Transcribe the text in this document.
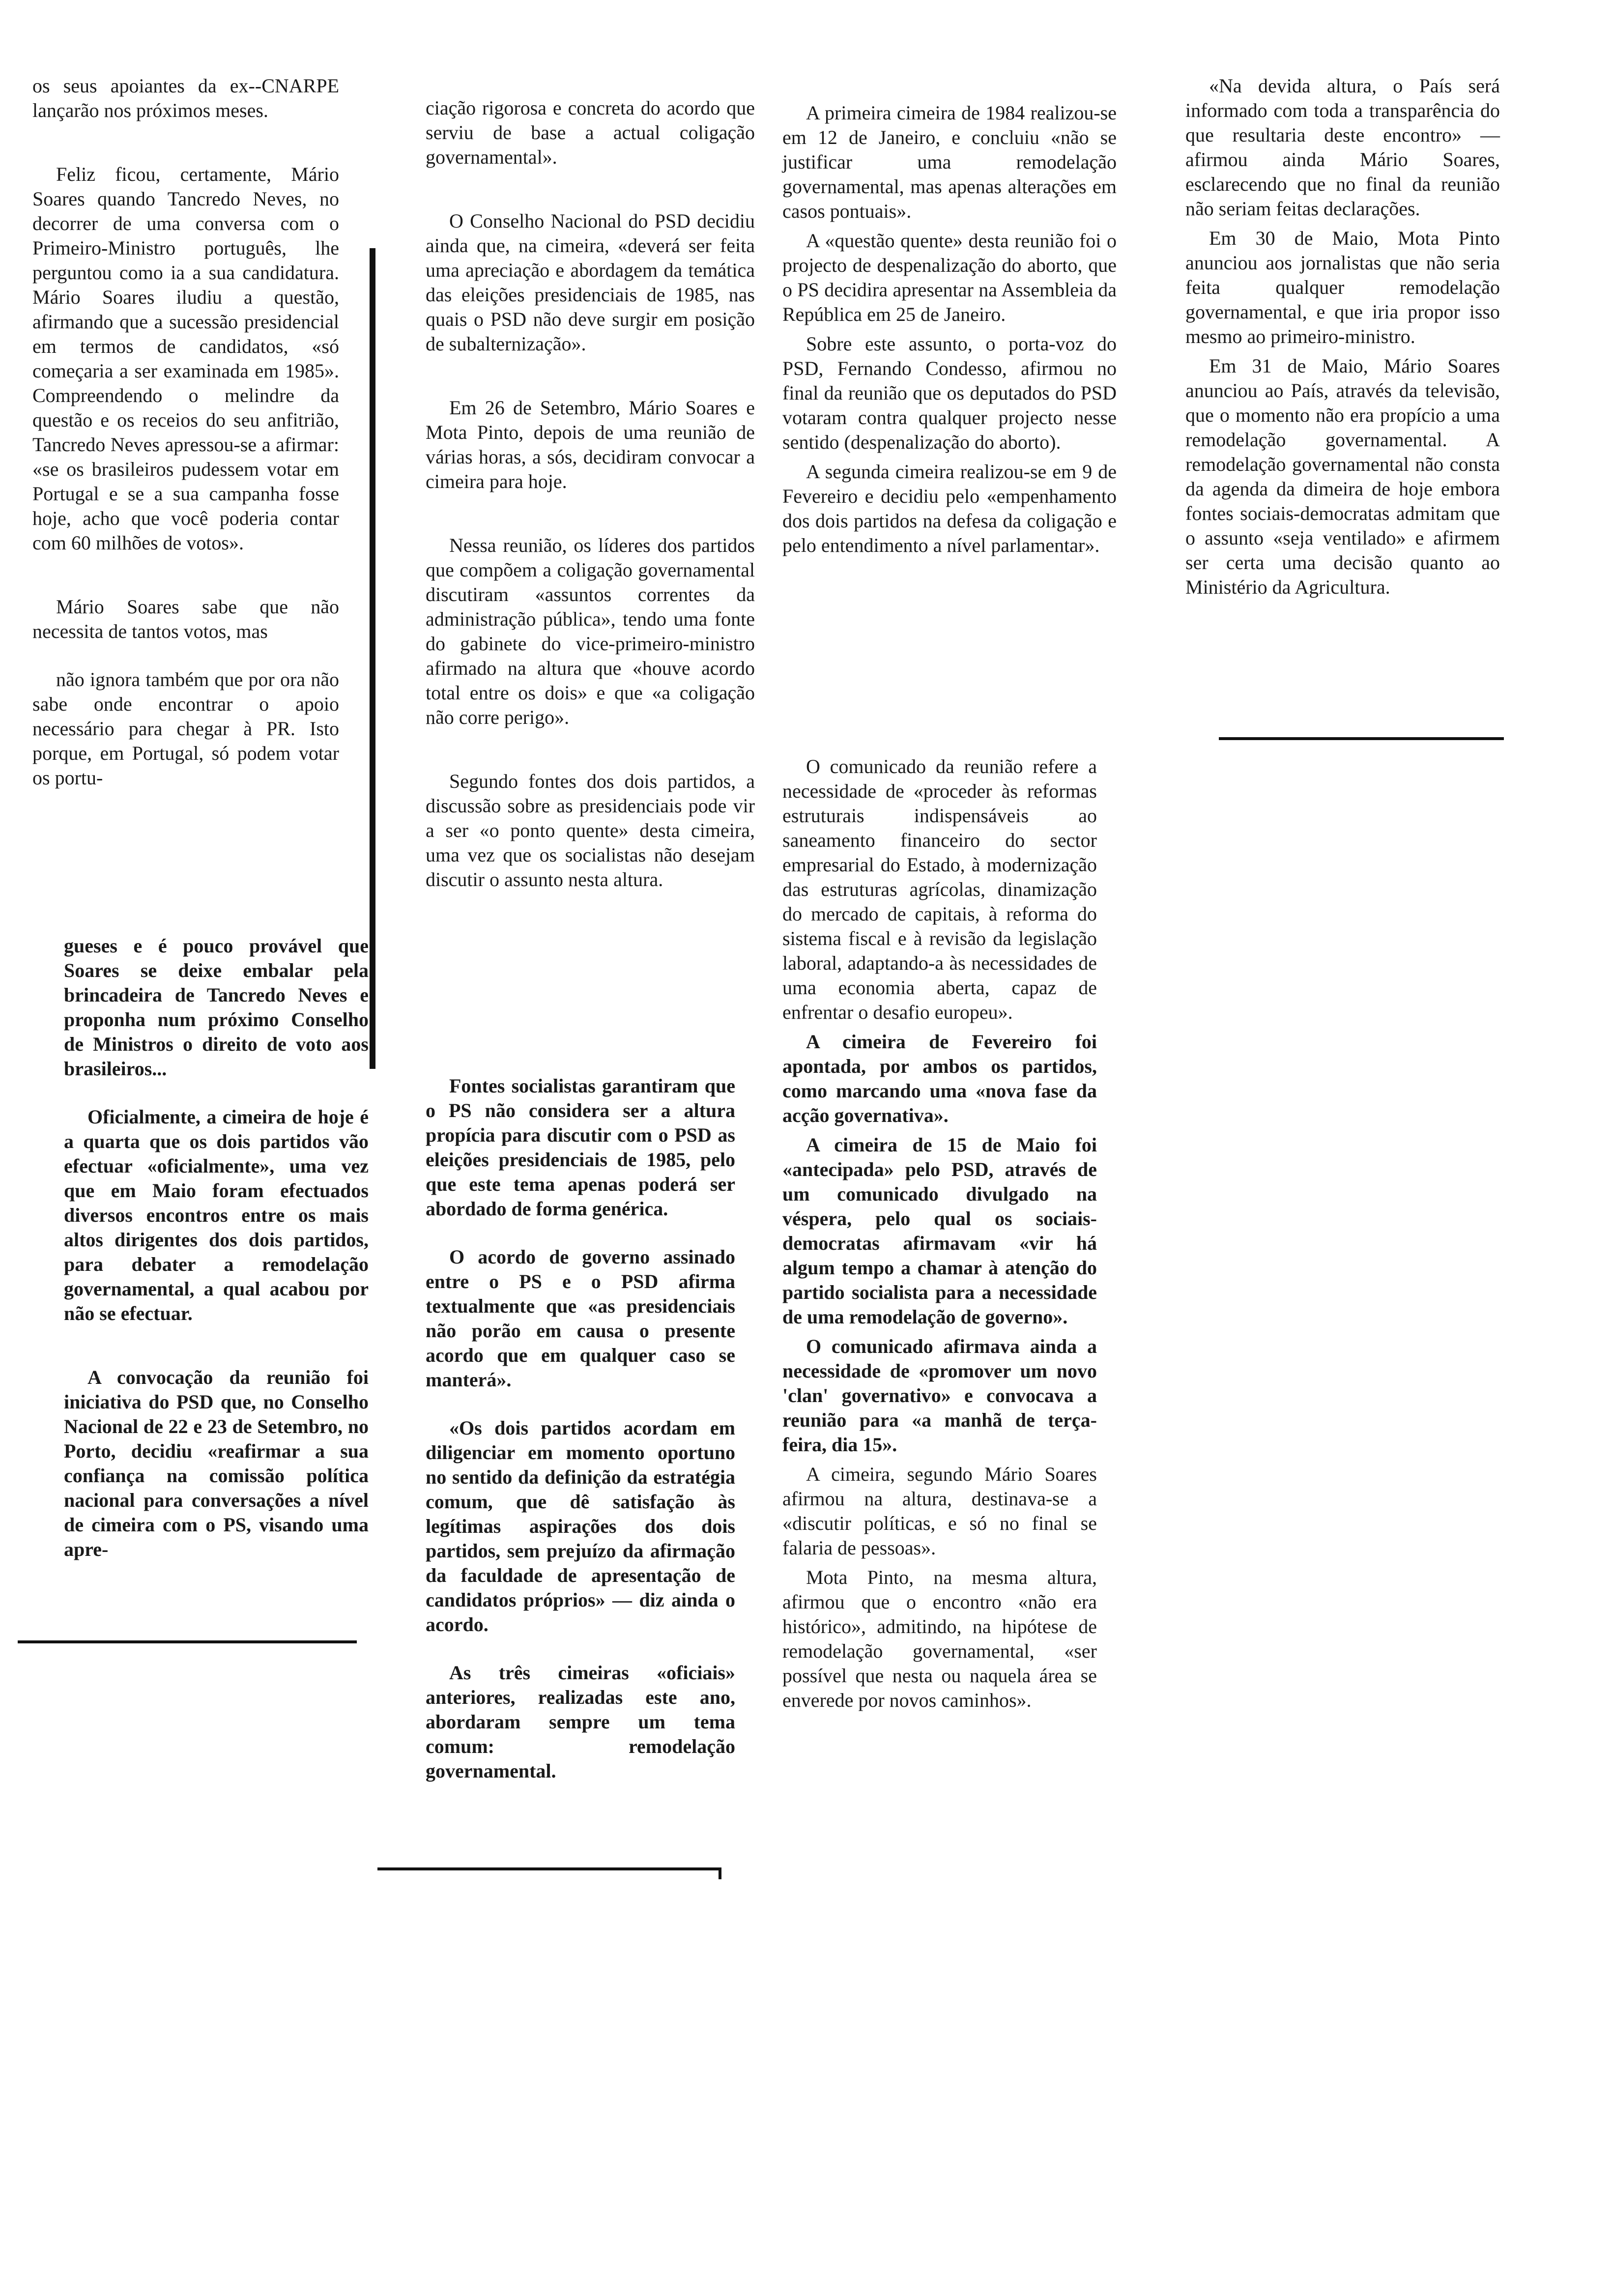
os seus apoiantes da ex--CNARPE lançarão nos próximos meses.

Feliz ficou, certamente, Mário Soares quando Tancredo Neves, no decorrer de uma conversa com o Primeiro-Ministro português, lhe perguntou como ia a sua candidatura. Mário Soares iludiu a questão, afirmando que a sucessão presidencial em termos de candidatos, «só começaria a ser examinada em 1985». Compreendendo o melindre da questão e os receios do seu anfitrião, Tancredo Neves apressou-se a afirmar: «se os brasileiros pudessem votar em Portugal e se a sua campanha fosse hoje, acho que você poderia contar com 60 milhões de votos».

Mário Soares sabe que não necessita de tantos votos, mas

não ignora também que por ora não sabe onde encontrar o apoio necessário para chegar à PR. Isto porque, em Portugal, só podem votar os portu-

gueses e é pouco provável que Soares se deixe embalar pela brincadeira de Tancredo Neves e proponha num próximo Conselho de Ministros o direito de voto aos brasileiros...

Oficialmente, a cimeira de hoje é a quarta que os dois partidos vão efectuar «oficialmente», uma vez que em Maio foram efectuados diversos encontros entre os mais altos dirigentes dos dois partidos, para debater a remodelação governamental, a qual acabou por não se efectuar.

A convocação da reunião foi iniciativa do PSD que, no Conselho Nacional de 22 e 23 de Setembro, no Porto, decidiu «reafirmar a sua confiança na comissão política nacional para conversações a nível de cimeira com o PS, visando uma apre-

ciação rigorosa e concreta do acordo que serviu de base a actual coligação governamental».

O Conselho Nacional do PSD decidiu ainda que, na cimeira, «deverá ser feita uma apreciação e abordagem da temática das eleições presidenciais de 1985, nas quais o PSD não deve surgir em posição de subalternização».

Em 26 de Setembro, Mário Soares e Mota Pinto, depois de uma reunião de várias horas, a sós, decidiram convocar a cimeira para hoje.

Nessa reunião, os líderes dos partidos que compõem a coligação governamental discutiram «assuntos correntes da administração pública», tendo uma fonte do gabinete do vice-primeiro-ministro afirmado na altura que «houve acordo total entre os dois» e que «a coligação não corre perigo».

Segundo fontes dos dois partidos, a discussão sobre as presidenciais pode vir a ser «o ponto quente» desta cimeira, uma vez que os socialistas não desejam discutir o assunto nesta altura.

Fontes socialistas garantiram que o PS não considera ser a altura propícia para discutir com o PSD as eleições presidenciais de 1985, pelo que este tema apenas poderá ser abordado de forma genérica.

O acordo de governo assinado entre o PS e o PSD afirma textualmente que «as presidenciais não porão em causa o presente acordo que em qualquer caso se manterá».

«Os dois partidos acordam em diligenciar em momento oportuno no sentido da definição da estratégia comum, que dê satisfação às legítimas aspirações dos dois partidos, sem prejuízo da afirmação da faculdade de apresentação de candidatos próprios» — diz ainda o acordo.

As três cimeiras «oficiais» anteriores, realizadas este ano, abordaram sempre um tema comum: remodelação governamental.

A primeira cimeira de 1984 realizou-se em 12 de Janeiro, e concluiu «não se justificar uma remodelação governamental, mas apenas alterações em casos pontuais».

A «questão quente» desta reunião foi o projecto de despenalização do aborto, que o PS decidira apresentar na Assembleia da República em 25 de Janeiro.

Sobre este assunto, o porta-voz do PSD, Fernando Condesso, afirmou no final da reunião que os deputados do PSD votaram contra qualquer projecto nesse sentido (despenalização do aborto).

A segunda cimeira realizou-se em 9 de Fevereiro e decidiu pelo «empenhamento dos dois partidos na defesa da coligação e pelo entendimento a nível parlamentar».

O comunicado da reunião refere a necessidade de «proceder às reformas estruturais indispensáveis ao saneamento financeiro do sector empresarial do Estado, à modernização das estruturas agrícolas, dinamização do mercado de capitais, à reforma do sistema fiscal e à revisão da legislação laboral, adaptando-a às necessidades de uma economia aberta, capaz de enfrentar o desafio europeu».

A cimeira de Fevereiro foi apontada, por ambos os partidos, como marcando uma «nova fase da acção governativa».

A cimeira de 15 de Maio foi «antecipada» pelo PSD, através de um comunicado divulgado na véspera, pelo qual os sociais-democratas afirmavam «vir há algum tempo a chamar à atenção do partido socialista para a necessidade de uma remodelação de governo».

O comunicado afirmava ainda a necessidade de «promover um novo 'clan' governativo» e convocava a reunião para «a manhã de terça-feira, dia 15».

A cimeira, segundo Mário Soares afirmou na altura, destinava-se a «discutir políticas, e só no final se falaria de pessoas».

Mota Pinto, na mesma altura, afirmou que o encontro «não era histórico», admitindo, na hipótese de remodelação governamental, «ser possível que nesta ou naquela área se enverede por novos caminhos».

«Na devida altura, o País será informado com toda a transparência do que resultaria deste encontro» — afirmou ainda Mário Soares, esclarecendo que no final da reunião não seriam feitas declarações.

Em 30 de Maio, Mota Pinto anunciou aos jornalistas que não seria feita qualquer remodelação governamental, e que iria propor isso mesmo ao primeiro-ministro.

Em 31 de Maio, Mário Soares anunciou ao País, através da televisão, que o momento não era propício a uma remodelação governamental. A remodelação governamental não consta da agenda da dimeira de hoje embora fontes sociais-democratas admitam que o assunto «seja ventilado» e afirmem ser certa uma decisão quanto ao Ministério da Agricultura.
